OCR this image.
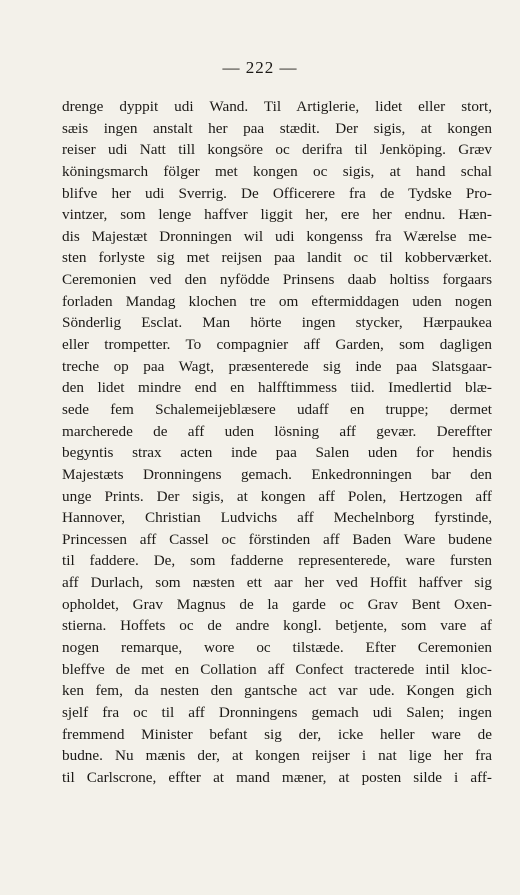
— 222 —
drenge dyppit udi Wand. Til Artiglerie, lidet eller stort,
sæis ingen anstalt her paa stædit. Der sigis, at kongen
reiser udi Natt till kongsöre oc derifra til Jenköping. Græv
köningsmarch fölger met kongen oc sigis, at hand schal
blifve her udi Sverrig. De Officerere fra de Tydske Pro-
vintzer, som lenge haffver liggit her, ere her endnu. Hæn-
dis Majestæt Dronningen wil udi kongenss fra Wærelse me-
sten forlyste sig met reijsen paa landit oc til kobberværket.
Ceremonien ved den nyfödde Prinsens daab holtiss forgaars
forladen Mandag klochen tre om eftermiddagen uden nogen
Sönderlig Esclat. Man hörte ingen stycker, Hærpaukea
eller trompetter. To compagnier aff Garden, som dagligen
treche op paa Wagt, præsenterede sig inde paa Slatsgaar-
den lidet mindre end en halfftimmess tiid. Imedlertid blæ-
sede fem Schalemeijeblæsere udaff en truppe; dermet
marcherede de aff uden lösning aff gevær. Dereffter
begyntis strax acten inde paa Salen uden for hendis
Majestæts Dronningens gemach. Enkedronningen bar den
unge Prints. Der sigis, at kongen aff Polen, Hertzogen aff
Hannover, Christian Ludvichs aff Mechelnborg fyrstinde,
Princessen aff Cassel oc förstinden aff Baden Ware budene
til faddere. De, som fadderne representerede, ware fursten
aff Durlach, som næsten ett aar her ved Hoffit haffver sig
opholdet, Grav Magnus de la garde oc Grav Bent Oxen-
stierna. Hoffets oc de andre kongl. betjente, som vare af
nogen remarque, wore oc tilstæde. Efter Ceremonien
bleffve de met en Collation aff Confect tracterede intil kloc-
ken fem, da nesten den gantsche act var ude. Kongen gich
sjelf fra oc til aff Dronningens gemach udi Salen; ingen
fremmend Minister befant sig der, icke heller ware de
budne. Nu mænis der, at kongen reijser i nat lige her fra
til Carlscrone, effter at mand mæner, at posten silde i aff-
